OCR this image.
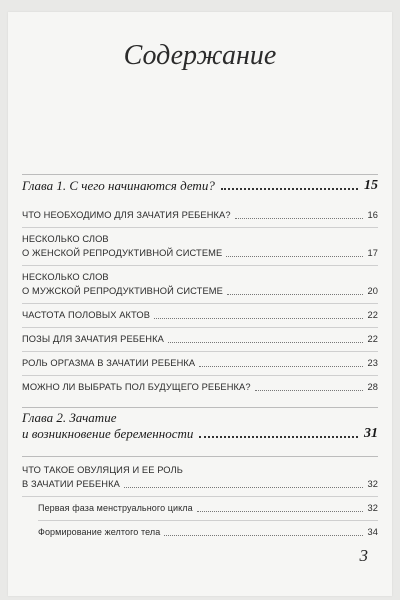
Содержание
Глава 1. С чего начинаются дети?	15
ЧТО НЕОБХОДИМО ДЛЯ ЗАЧАТИЯ РЕБЕНКА?	16
НЕСКОЛЬКО СЛОВ
О ЖЕНСКОЙ РЕПРОДУКТИВНОЙ СИСТЕМЕ	17
НЕСКОЛЬКО СЛОВ
О МУЖСКОЙ РЕПРОДУКТИВНОЙ СИСТЕМЕ	20
ЧАСТОТА ПОЛОВЫХ АКТОВ	22
ПОЗЫ ДЛЯ ЗАЧАТИЯ РЕБЕНКА	22
РОЛЬ ОРГАЗМА В ЗАЧАТИИ РЕБЕНКА	23
МОЖНО ЛИ ВЫБРАТЬ ПОЛ БУДУЩЕГО РЕБЕНКА?	28
Глава 2. Зачатие
и возникновение беременности	31
ЧТО ТАКОЕ ОВУЛЯЦИЯ И ЕЕ РОЛЬ
В ЗАЧАТИИ РЕБЕНКА	32
Первая фаза менструального цикла	32
Формирование желтого тела	34
3
